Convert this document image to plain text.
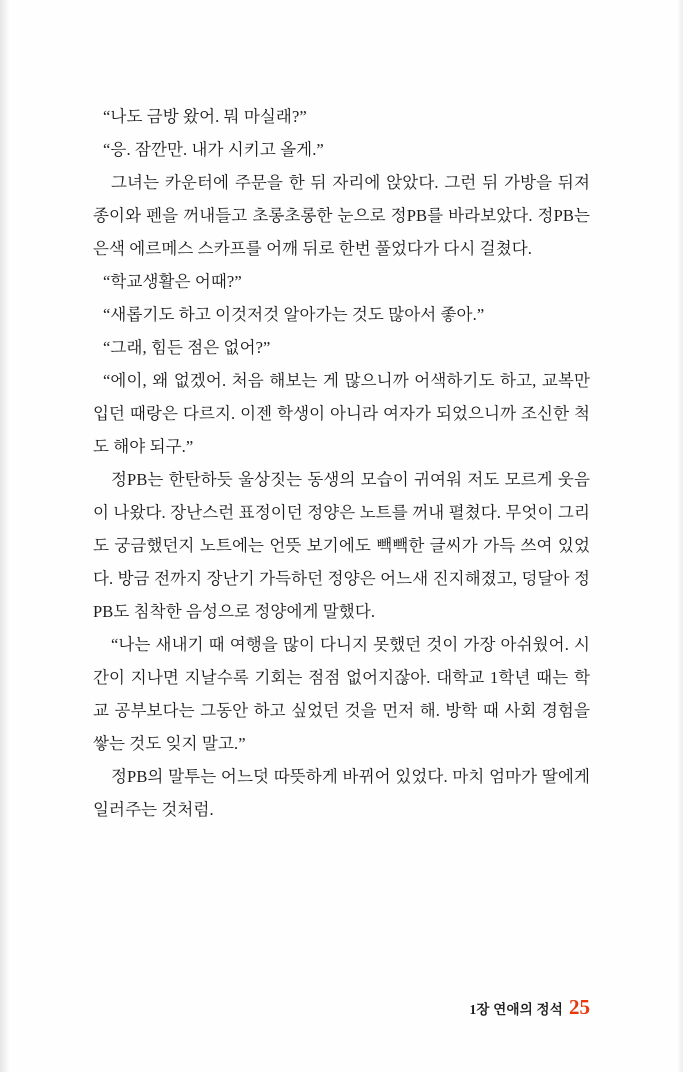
“나도 금방 왔어. 뭐 마실래?”

“응. 잠깐만. 내가 시키고 올게.”

그녀는 카운터에 주문을 한 뒤 자리에 앉았다. 그런 뒤 가방을 뒤져 종이와 펜을 꺼내들고 초롱초롱한 눈으로 정PB를 바라보았다. 정PB는 은색 에르메스 스카프를 어깨 뒤로 한번 풀었다가 다시 걸쳤다.

“학교생활은 어때?”

“새롭기도 하고 이것저것 알아가는 것도 많아서 좋아.”

“그래, 힘든 점은 없어?”

“에이, 왜 없겠어. 처음 해보는 게 많으니까 어색하기도 하고, 교복만 입던 때랑은 다르지. 이젠 학생이 아니라 여자가 되었으니까 조신한 척도 해야 되구.”

정PB는 한탄하듯 울상짓는 동생의 모습이 귀여워 저도 모르게 웃음이 나왔다. 장난스런 표정이던 정양은 노트를 꺼내 펼쳤다. 무엇이 그리도 궁금했던지 노트에는 언뜻 보기에도 빽빽한 글씨가 가득 쓰여 있었다. 방금 전까지 장난기 가득하던 정양은 어느새 진지해졌고, 덩달아 정PB도 침착한 음성으로 정양에게 말했다.

“나는 새내기 때 여행을 많이 다니지 못했던 것이 가장 아쉬웠어. 시간이 지나면 지날수록 기회는 점점 없어지잖아. 대학교 1학년 때는 학교 공부보다는 그동안 하고 싶었던 것을 먼저 해. 방학 때 사회 경험을 쌓는 것도 잊지 말고.”

정PB의 말투는 어느덧 따뜻하게 바뀌어 있었다. 마치 엄마가 딸에게 일러주는 것처럼.

1장 연애의 정석 25
